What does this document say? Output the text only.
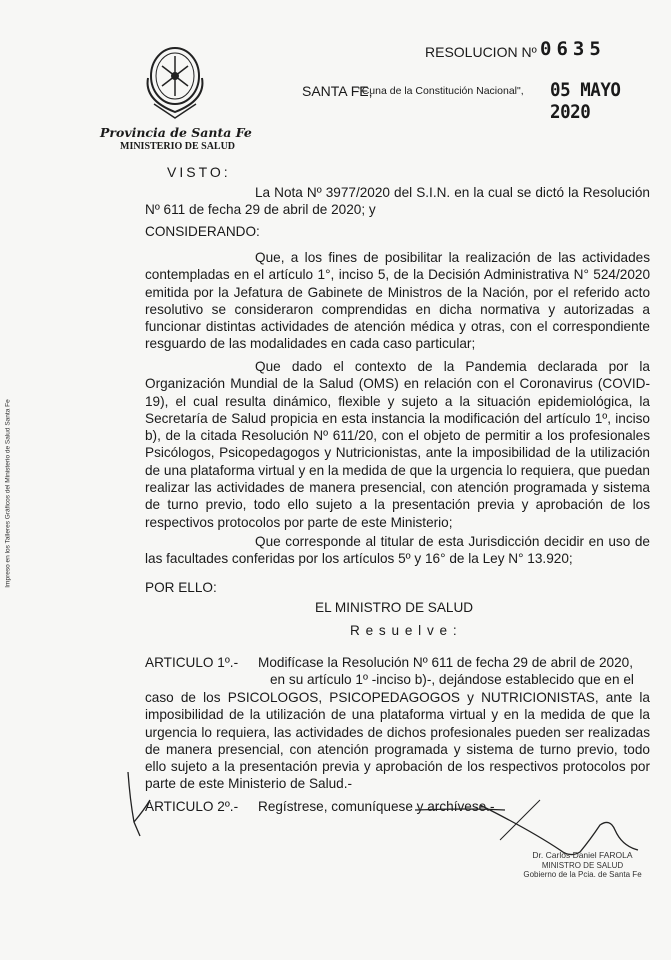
Provincia de Santa Fe
MINISTERIO DE SALUD
RESOLUCION Nº 0635
SANTA FE,
"Cuna de la Constitución Nacional", 05 MAYO 2020
Impreso en los Talleres Gráficos del Ministerio de Salud Santa Fe
VISTO:
La Nota Nº 3977/2020 del S.I.N. en la cual se dictó la Resolución Nº 611 de fecha 29 de abril de 2020; y
CONSIDERANDO:
Que, a los fines de posibilitar la realización de las actividades contempladas en el artículo 1°, inciso 5, de la Decisión Administrativa N° 524/2020 emitida por la Jefatura de Gabinete de Ministros de la Nación, por el referido acto resolutivo se consideraron comprendidas en dicha normativa y autorizadas a funcionar distintas actividades de atención médica y otras, con el correspondiente resguardo de las modalidades en cada caso particular;
Que dado el contexto de la Pandemia declarada por la Organización Mundial de la Salud (OMS) en relación con el Coronavirus (COVID-19), el cual resulta dinámico, flexible y sujeto a la situación epidemiológica, la Secretaría de Salud propicia en esta instancia la modificación del artículo 1º, inciso b), de la citada Resolución Nº 611/20, con el objeto de permitir a los profesionales Psicólogos, Psicopedagogos y Nutricionistas, ante la imposibilidad de la utilización de una plataforma virtual y en la medida de que la urgencia lo requiera, que puedan realizar las actividades de manera presencial, con atención programada y sistema de turno previo, todo ello sujeto a la presentación previa y aprobación de los respectivos protocolos por parte de este Ministerio;
Que corresponde al titular de esta Jurisdicción decidir en uso de las facultades conferidas por los artículos 5º y 16° de la Ley N° 13.920;
POR ELLO:
EL MINISTRO DE SALUD
R e s u e l v e :
ARTICULO 1º.- Modifícase la Resolución Nº 611 de fecha 29 de abril de 2020,
en su artículo 1º -inciso b)-, dejándose establecido que en el
caso de los PSICOLOGOS, PSICOPEDAGOGOS y NUTRICIONISTAS, ante la imposibilidad de la utilización de una plataforma virtual y en la medida de que la urgencia lo requiera, las actividades de dichos profesionales pueden ser realizadas de manera presencial, con atención programada y sistema de turno previo, todo ello sujeto a la presentación previa y aprobación de los respectivos protocolos por parte de este Ministerio de Salud.-
ARTICULO 2º.- Regístrese, comuníquese y archívese.-
Dr. Carlos Daniel FAROLA
MINISTRO DE SALUD
Gobierno de la Pcia. de Santa Fe
